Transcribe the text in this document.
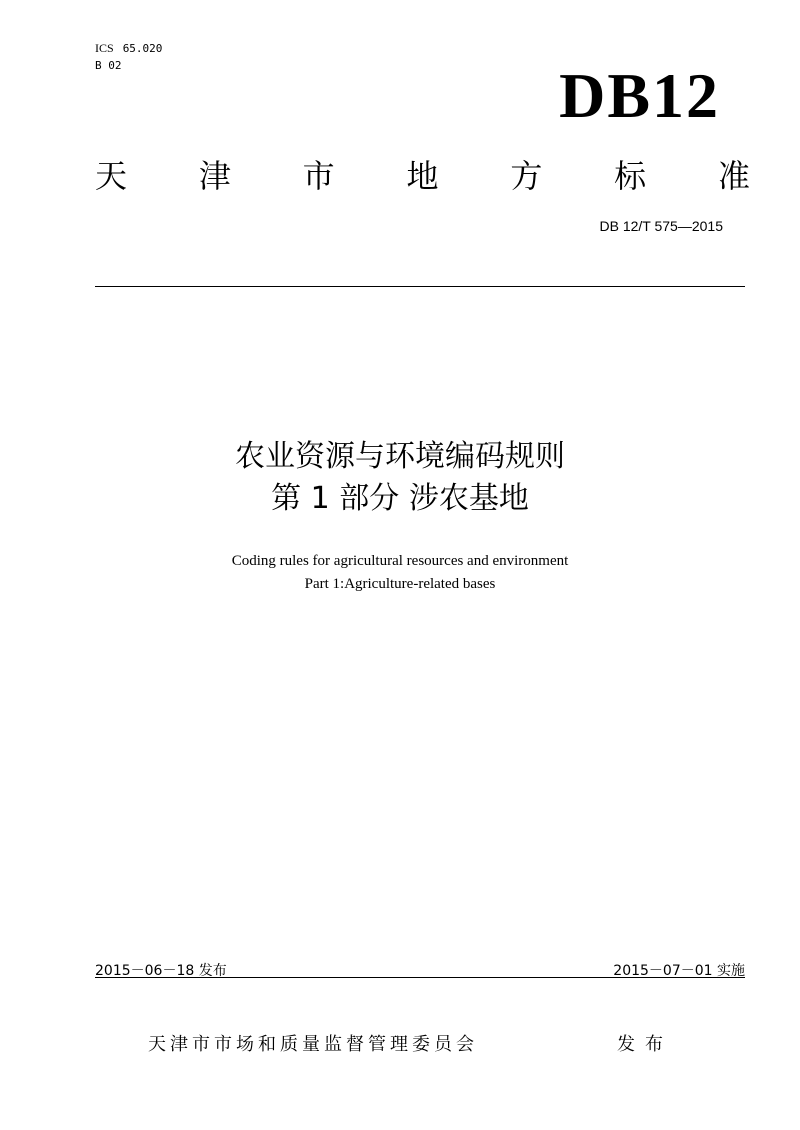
ICS 65.020
B 02	DB12
天 津 市 地 方 标 准
DB 12/T 575—2015
农业资源与环境编码规则
第 1 部分 涉农基地
Coding rules for agricultural resources and environment
Part 1:Agriculture-related bases
2015－06－18 发布	2015－07－01 实施
天津市市场和质量监督管理委员会	发布
